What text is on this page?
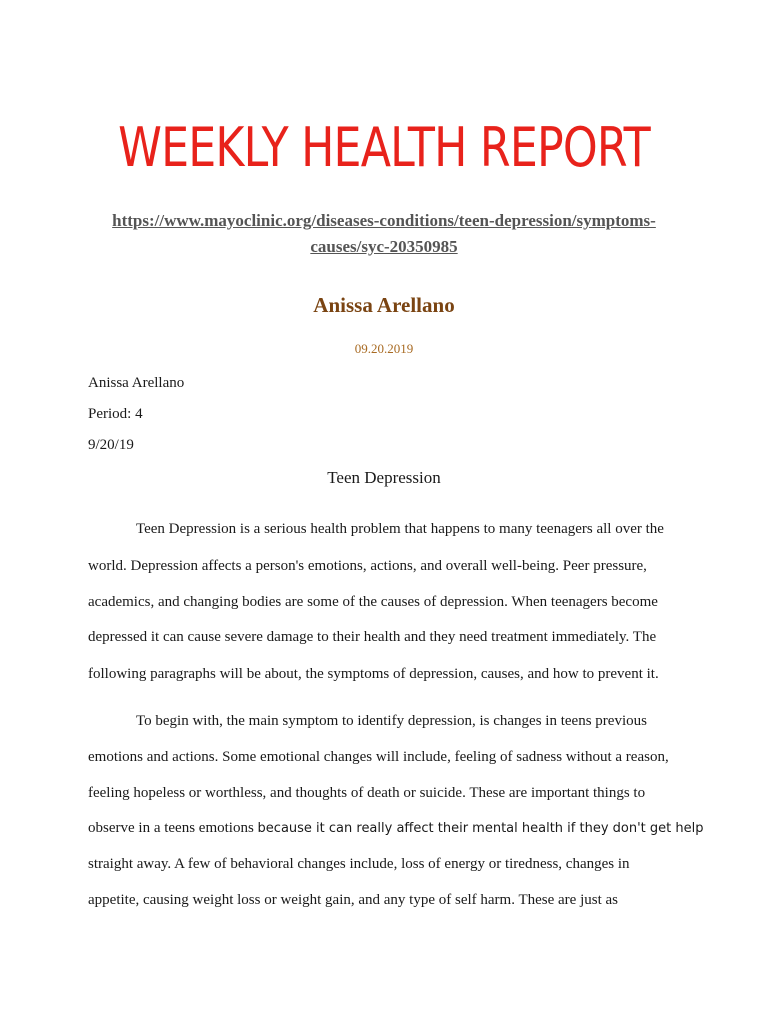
WEEKLY HEALTH REPORT
https://www.mayoclinic.org/diseases-conditions/teen-depression/symptoms-causes/syc-20350985
Anissa Arellano
09.20.2019
Anissa Arellano
Period: 4
9/20/19
Teen Depression
Teen Depression is a serious health problem that happens to many teenagers all over the
world. Depression affects a person's emotions, actions, and overall well-being. Peer pressure,
academics, and changing bodies are some of the causes of depression. When teenagers become
depressed it can cause severe damage to their health and they need treatment immediately. The
following paragraphs will be about, the symptoms of depression, causes, and how to prevent it.
To begin with, the main symptom to identify depression, is changes in teens previous
emotions and actions. Some emotional changes will include, feeling of sadness without a reason,
feeling hopeless or worthless, and thoughts of death or suicide. These are important things to
observe in a teens emotions because it can really affect their mental health if they don't get help
straight away. A few of behavioral changes include, loss of energy or tiredness, changes in
appetite, causing weight loss or weight gain, and any type of self harm. These are just as
